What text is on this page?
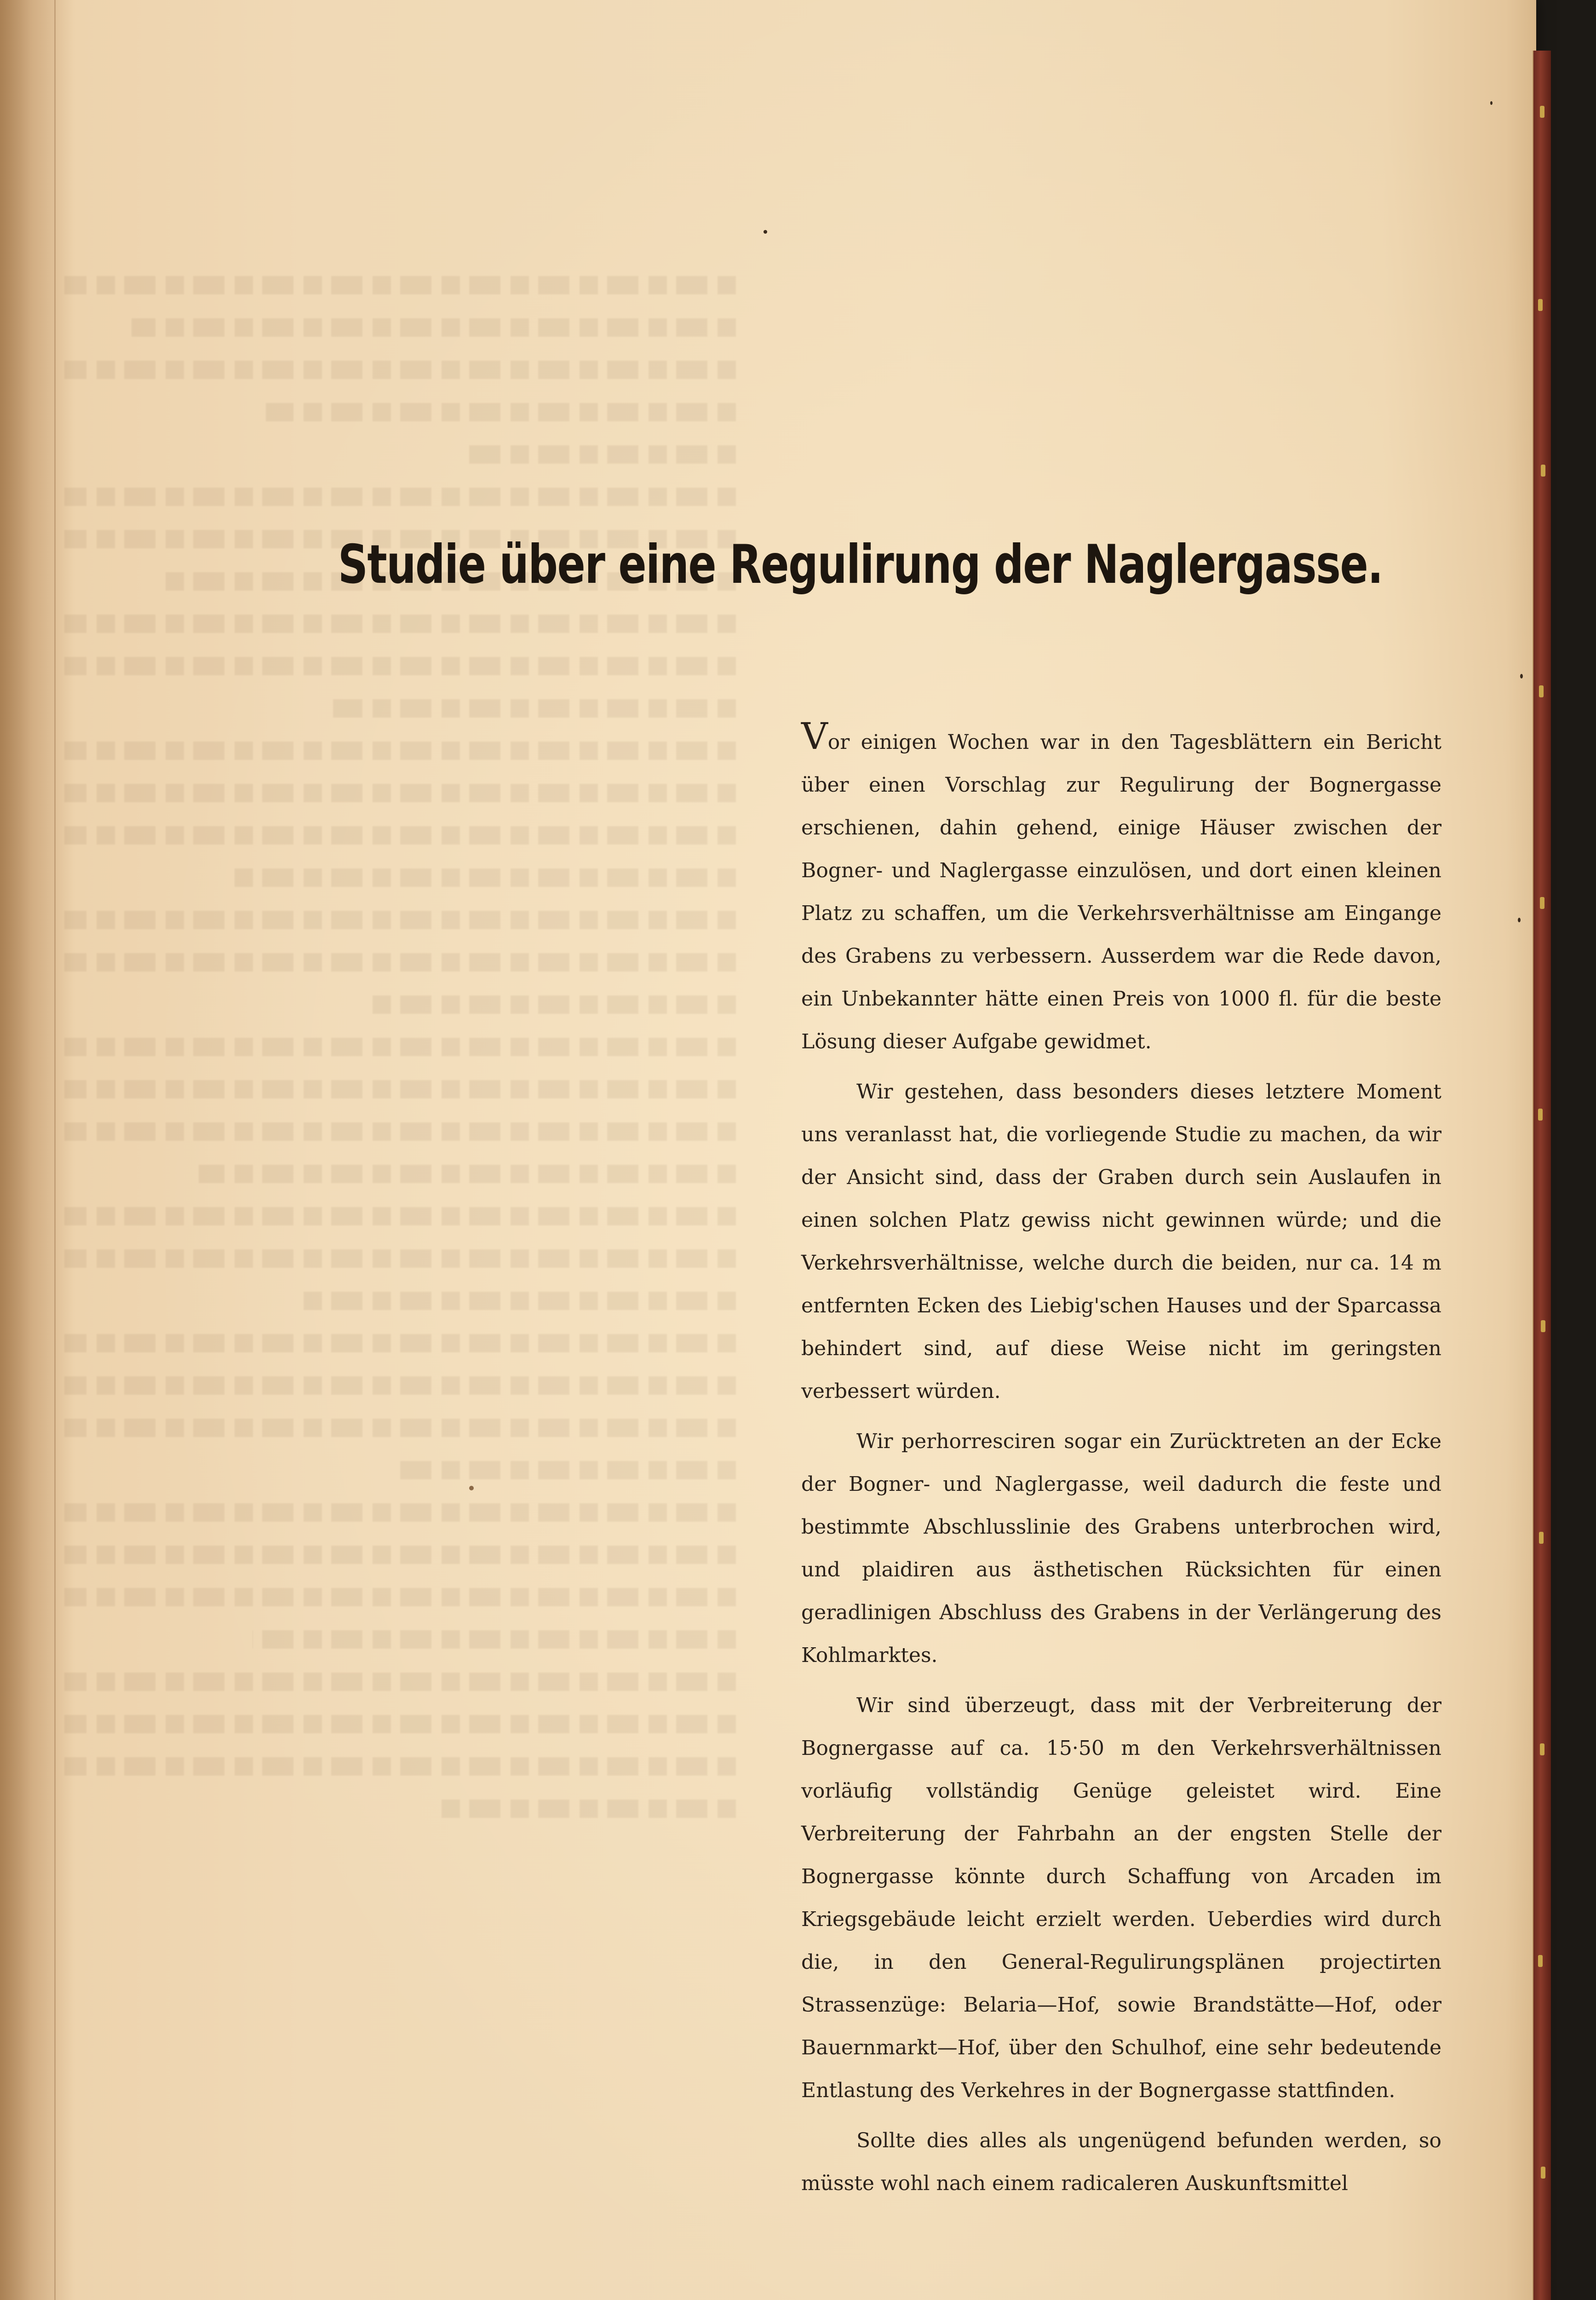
Studie über eine Regulirung der Naglergasse.

Vor einigen Wochen war in den Tagesblättern ein Bericht über einen Vorschlag zur Regulirung der Bognergasse erschienen, dahin gehend, einige Häuser zwischen der Bogner- und Naglergasse einzulösen, und dort einen kleinen Platz zu schaffen, um die Verkehrsverhältnisse am Eingange des Grabens zu verbessern. Ausserdem war die Rede davon, ein Unbekannter hätte einen Preis von 1000 fl. für die beste Lösung dieser Aufgabe gewidmet.

Wir gestehen, dass besonders dieses letztere Moment uns veranlasst hat, die vorliegende Studie zu machen, da wir der Ansicht sind, dass der Graben durch sein Auslaufen in einen solchen Platz gewiss nicht gewinnen würde; und die Verkehrsverhältnisse, welche durch die beiden, nur ca. 14 m entfernten Ecken des Liebig'schen Hauses und der Sparcassa behindert sind, auf diese Weise nicht im geringsten verbessert würden.

Wir perhorresciren sogar ein Zurücktreten an der Ecke der Bogner- und Naglergasse, weil dadurch die feste und bestimmte Abschlusslinie des Grabens unterbrochen wird, und plaidiren aus ästhetischen Rücksichten für einen geradlinigen Abschluss des Grabens in der Verlängerung des Kohlmarktes.

Wir sind überzeugt, dass mit der Verbreiterung der Bognergasse auf ca. 15·50 m den Verkehrsverhältnissen vorläufig vollständig Genüge geleistet wird. Eine Verbreiterung der Fahrbahn an der engsten Stelle der Bognergasse könnte durch Schaffung von Arcaden im Kriegsgebäude leicht erzielt werden. Ueberdies wird durch die, in den General-Regulirungsplänen projectirten Strassenzüge: Belaria—Hof, sowie Brandstätte—Hof, oder Bauernmarkt—Hof, über den Schulhof, eine sehr bedeutende Entlastung des Verkehres in der Bognergasse stattfinden.

Sollte dies alles als ungenügend befunden werden, so müsste wohl nach einem radicaleren Auskunftsmittel
